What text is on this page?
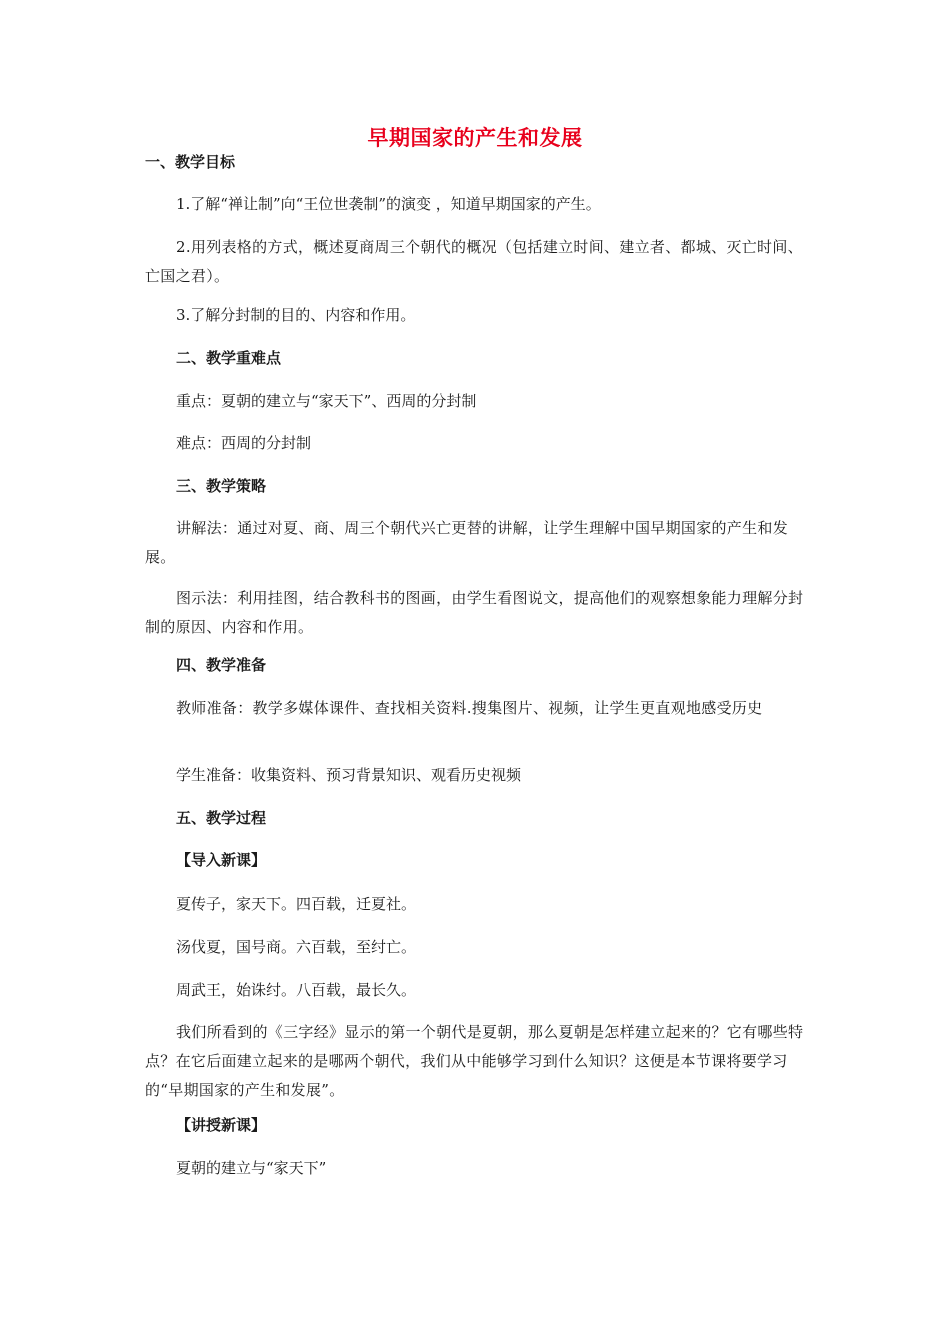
早期国家的产生和发展
一、教学目标
1.了解“禅让制”向“王位世袭制”的演变 ，知道早期国家的产生。
2.用列表格的方式，概述夏商周三个朝代的概况（包括建立时间、建立者、都城、灭亡时间、亡国之君）。
3.了解分封制的目的、内容和作用。
二、教学重难点
重点：夏朝的建立与“家天下”、西周的分封制
难点：西周的分封制
三、教学策略
讲解法：通过对夏、商、周三个朝代兴亡更替的讲解，让学生理解中国早期国家的产生和发展。
图示法：利用挂图，结合教科书的图画，由学生看图说文，提高他们的观察想象能力理解分封制的原因、内容和作用。
四、教学准备
教师准备：教学多媒体课件、查找相关资料.搜集图片、视频，让学生更直观地感受历史
学生准备：收集资料、预习背景知识、观看历史视频
五、教学过程
【导入新课】
夏传子，家天下。四百载，迁夏社。
汤伐夏，国号商。六百载，至纣亡。
周武王，始诛纣。八百载，最长久。
我们所看到的《三字经》显示的第一个朝代是夏朝，那么夏朝是怎样建立起来的？它有哪些特点？在它后面建立起来的是哪两个朝代，我们从中能够学习到什么知识？这便是本节课将要学习的“早期国家的产生和发展”。
【讲授新课】
夏朝的建立与“家天下”
